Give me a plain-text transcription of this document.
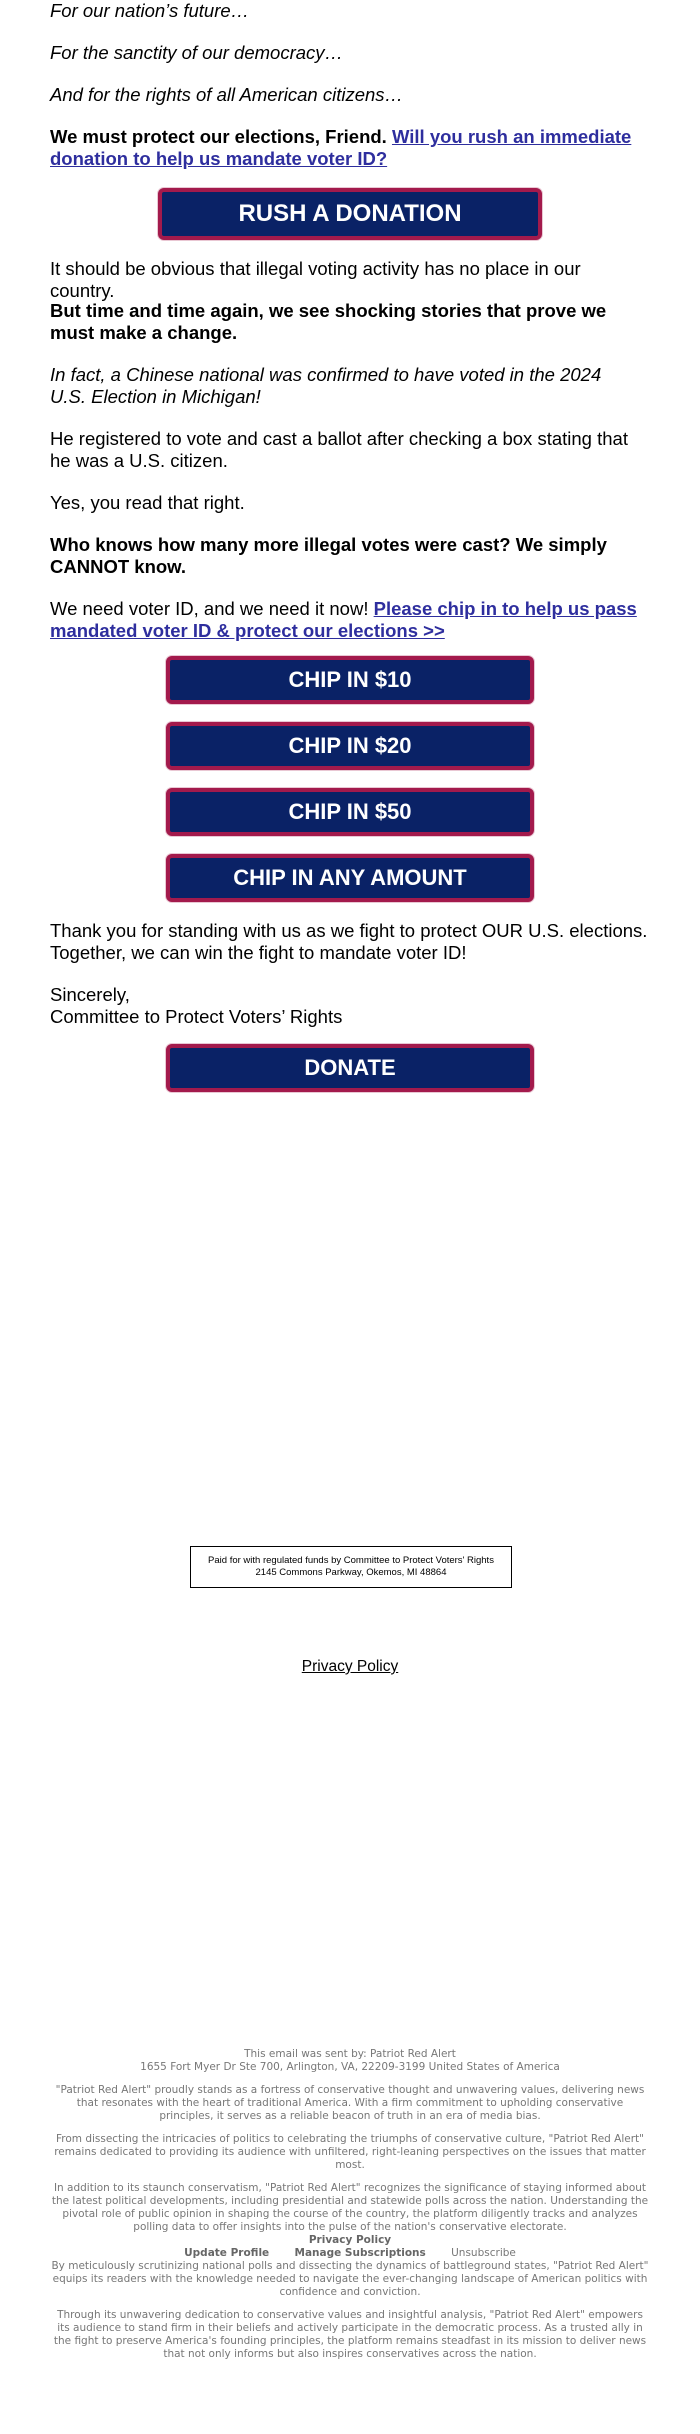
For our nation’s future…

For the sanctity of our democracy…

And for the rights of all American citizens…

We must protect our elections, Friend. Will you rush an immediate donation to help us mandate voter ID?

It should be obvious that illegal voting activity has no place in our country.

But time and time again, we see shocking stories that prove we must make a change.

In fact, a Chinese national was confirmed to have voted in the 2024 U.S. Election in Michigan!

He registered to vote and cast a ballot after checking a box stating that he was a U.S. citizen.

Yes, you read that right.

Who knows how many more illegal votes were cast? We simply CANNOT know.

We need voter ID, and we need it now! Please chip in to help us pass mandated voter ID & protect our elections >>

Thank you for standing with us as we fight to protect OUR U.S. elections. Together, we can win the fight to mandate voter ID!

Sincerely,

Committee to Protect Voters’ Rights

RUSH A DONATION
CHIP IN $10
CHIP IN $20
CHIP IN $50
CHIP IN ANY AMOUNT
DONATE
Paid for with regulated funds by Committee to Protect Voters' Rights 2145 Commons Parkway, Okemos, MI 48864
Privacy Policy

This email was sent by: Patriot Red Alert

1655 Fort Myer Dr Ste 700, Arlington, VA, 22209-3199 United States of America

"Patriot Red Alert" proudly stands as a fortress of conservative thought and unwavering values, delivering news that resonates with the heart of traditional America. With a firm commitment to upholding conservative principles, it serves as a reliable beacon of truth in an era of media bias.

From dissecting the intricacies of politics to celebrating the triumphs of conservative culture, "Patriot Red Alert" remains dedicated to providing its audience with unfiltered, right-leaning perspectives on the issues that matter most.

In addition to its staunch conservatism, "Patriot Red Alert" recognizes the significance of staying informed about the latest political developments, including presidential and statewide polls across the nation. Understanding the pivotal role of public opinion in shaping the course of the country, the platform diligently tracks and analyzes polling data to offer insights into the pulse of the nation's conservative electorate.

Privacy Policy

Update Profile Manage Subscriptions Unsubscribe

By meticulously scrutinizing national polls and dissecting the dynamics of battleground states, "Patriot Red Alert" equips its readers with the knowledge needed to navigate the ever-changing landscape of American politics with confidence and conviction.

Through its unwavering dedication to conservative values and insightful analysis, "Patriot Red Alert" empowers its audience to stand firm in their beliefs and actively participate in the democratic process. As a trusted ally in the fight to preserve America's founding principles, the platform remains steadfast in its mission to deliver news that not only informs but also inspires conservatives across the nation.
